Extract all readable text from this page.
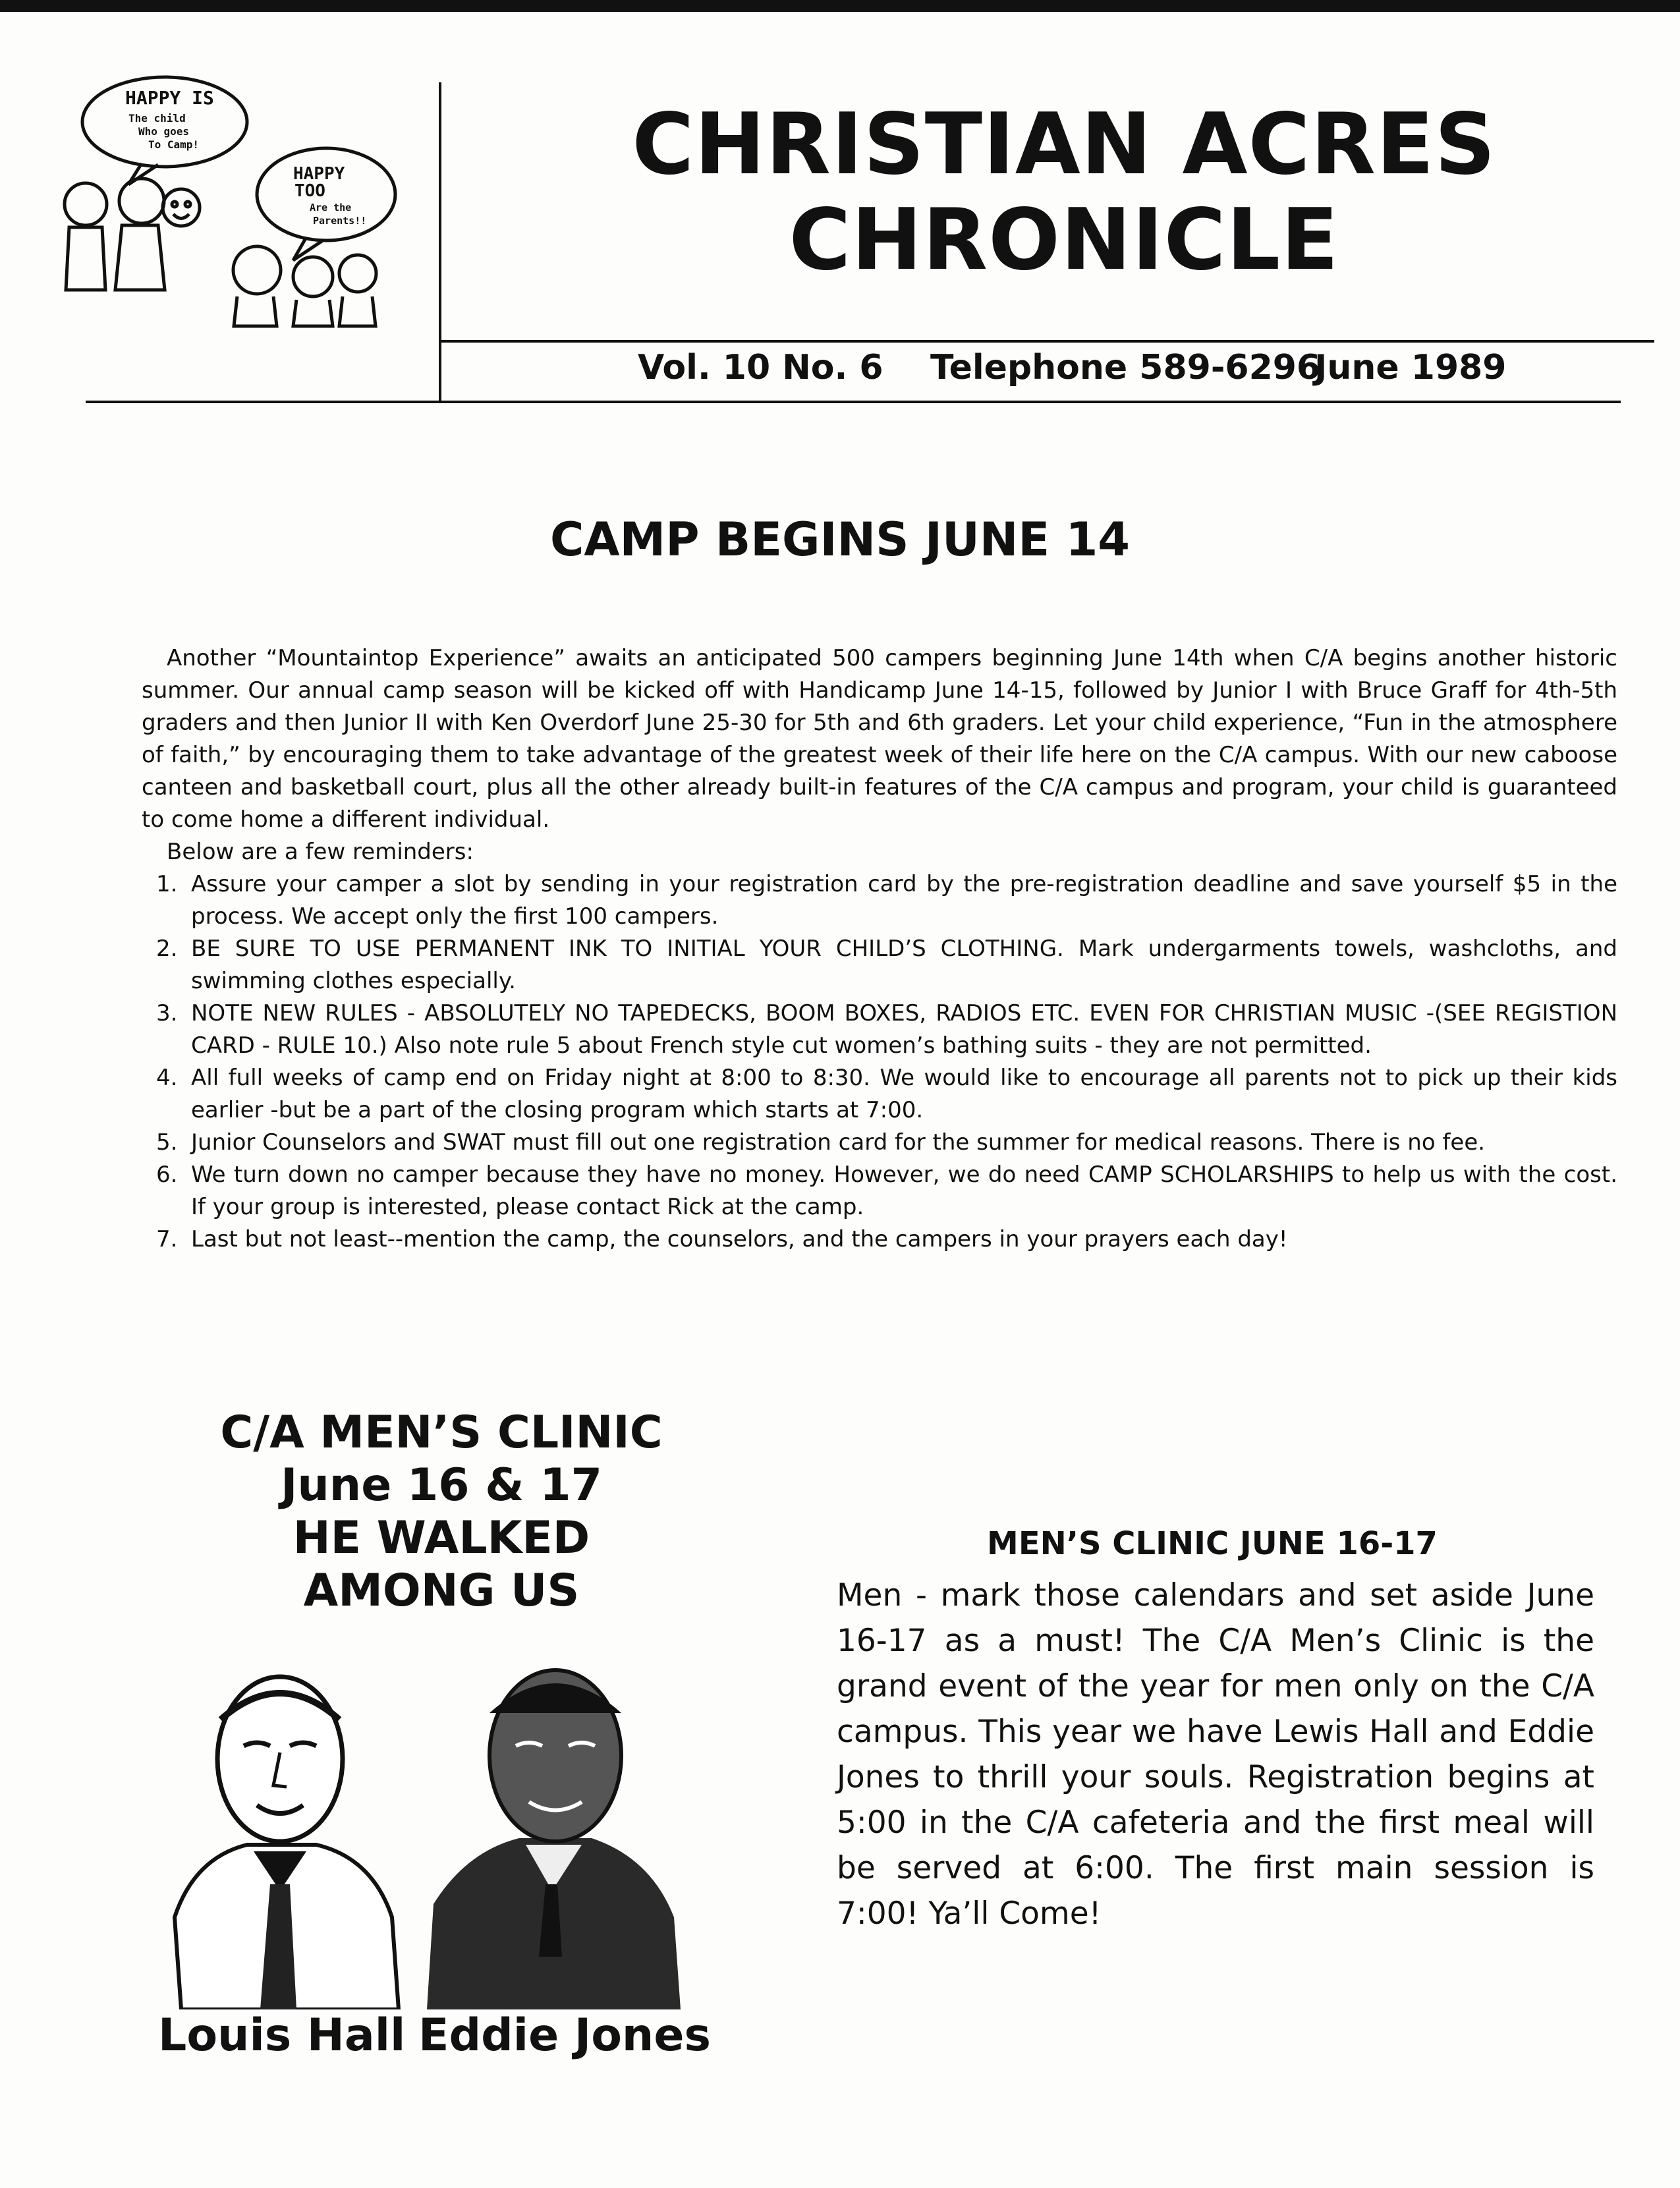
HAPPY IS
The child
Who goes
To Camp!
HAPPY
TOO
Are the
Parents!!
CHRISTIAN ACRES
CHRONICLE
Vol. 10 No. 6 Telephone 589-6296
June 1989
CAMP BEGINS JUNE 14

Another “Mountaintop Experience” awaits an anticipated 500 campers beginning June 14th when C/A begins another historic summer. Our annual camp season will be kicked off with Handicamp June 14-15, followed by Junior I with Bruce Graff for 4th-5th graders and then Junior II with Ken Overdorf June 25-30 for 5th and 6th graders. Let your child experience, “Fun in the atmosphere of faith,” by encouraging them to take advantage of the greatest week of their life here on the C/A campus. With our new caboose canteen and basketball court, plus all the other already built-in features of the C/A campus and program, your child is guaranteed to come home a different individual.

Below are a few reminders:

1. Assure your camper a slot by sending in your registration card by the pre-registration deadline and save yourself $5 in the process. We accept only the first 100 campers.
2. BE SURE TO USE PERMANENT INK TO INITIAL YOUR CHILD’S CLOTHING. Mark undergarments towels, washcloths, and swimming clothes especially.
3. NOTE NEW RULES - ABSOLUTELY NO TAPEDECKS, BOOM BOXES, RADIOS ETC. EVEN FOR CHRISTIAN MUSIC -(SEE REGISTION CARD - RULE 10.) Also note rule 5 about French style cut women’s bathing suits - they are not permitted.
4. All full weeks of camp end on Friday night at 8:00 to 8:30. We would like to encourage all parents not to pick up their kids earlier -but be a part of the closing program which starts at 7:00.
5. Junior Counselors and SWAT must fill out one registration card for the summer for medical reasons. There is no fee.
6. We turn down no camper because they have no money. However, we do need CAMP SCHOLARSHIPS to help us with the cost. If your group is interested, please contact Rick at the camp.
7. Last but not least--mention the camp, the counselors, and the campers in your prayers each day!
C/A MEN’S CLINIC
June 16 & 17
HE WALKED
AMONG US
Louis Hall Eddie Jones
MEN’S CLINIC JUNE 16-17
Men - mark those calendars and set aside June 16-17 as a must! The C/A Men’s Clinic is the grand event of the year for men only on the C/A campus. This year we have Lewis Hall and Eddie Jones to thrill your souls. Registration begins at 5:00 in the C/A cafeteria and the first meal will be served at 6:00. The first main session is 7:00! Ya’ll Come!
